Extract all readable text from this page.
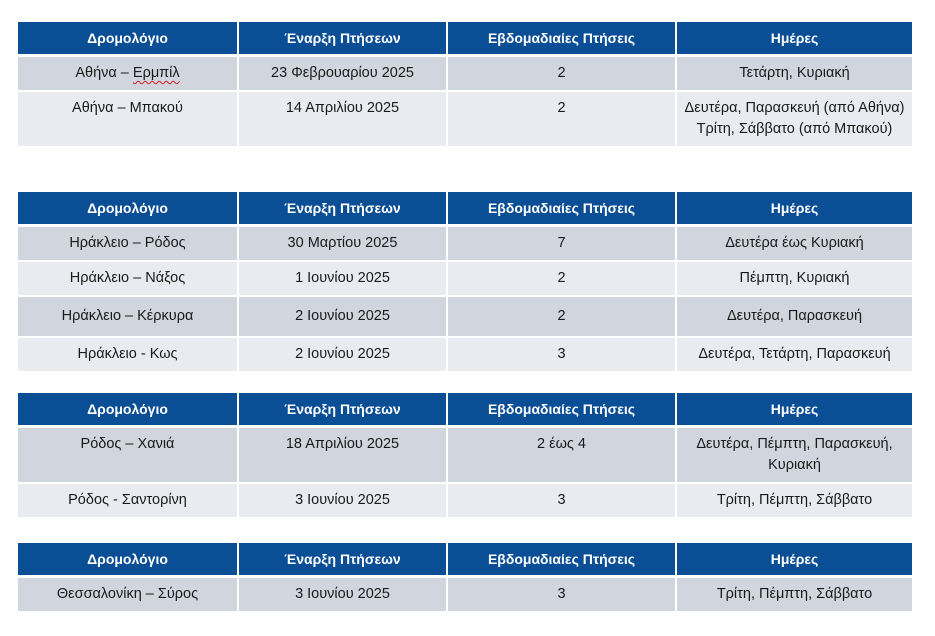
Δρομολόγιο	Έναρξη Πτήσεων	Εβδομαδιαίες Πτήσεις	Ημέρες
Αθήνα – Ερμπίλ	23 Φεβρουαρίου 2025	2	Τετάρτη, Κυριακή
Αθήνα – Μπακού	14 Απριλίου 2025	2	Δευτέρα, Παρασκευή (από Αθήνα) Τρίτη, Σάββατο (από Μπακού)
Δρομολόγιο	Έναρξη Πτήσεων	Εβδομαδιαίες Πτήσεις	Ημέρες
Ηράκλειο – Ρόδος	30 Μαρτίου 2025	7	Δευτέρα έως Κυριακή
Ηράκλειο – Νάξος	1 Ιουνίου 2025	2	Πέμπτη, Κυριακή
Ηράκλειο – Κέρκυρα	2 Ιουνίου 2025	2	Δευτέρα, Παρασκευή
Ηράκλειο - Κως	2 Ιουνίου 2025	3	Δευτέρα, Τετάρτη, Παρασκευή
Δρομολόγιο	Έναρξη Πτήσεων	Εβδομαδιαίες Πτήσεις	Ημέρες
Ρόδος – Χανιά	18 Απριλίου 2025	2 έως 4	Δευτέρα, Πέμπτη, Παρασκευή, Κυριακή
Ρόδος - Σαντορίνη	3 Ιουνίου 2025	3	Τρίτη, Πέμπτη, Σάββατο
Δρομολόγιο	Έναρξη Πτήσεων	Εβδομαδιαίες Πτήσεις	Ημέρες
Θεσσαλονίκη – Σύρος	3 Ιουνίου 2025	3	Τρίτη, Πέμπτη, Σάββατο
